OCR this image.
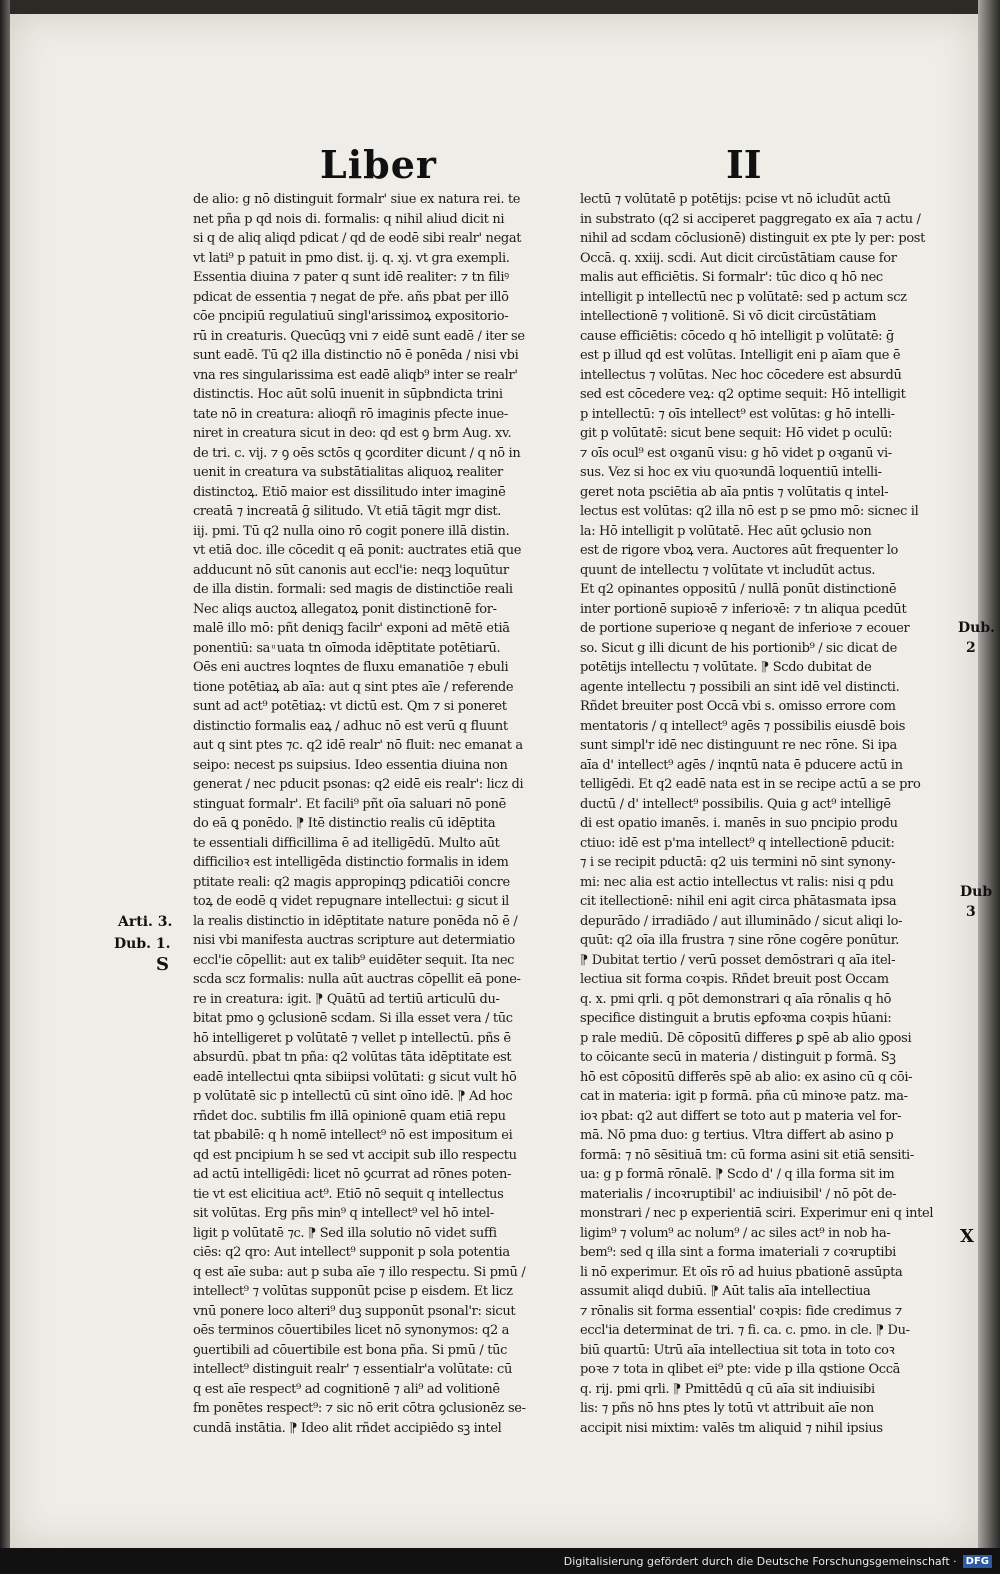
Liber	II
de alio: g nō distinguit formalr' siue ex natura rei. te
net pña p qd nois di. formalis: q nihil aliud dicit ni
si q de aliq aliqd pdicat / qd de eodē sibi realr' negat
vt lati⁹ p patuit in pmo dist. ij. q. xj. vt gra exempli.
Essentia diuina ⁊ pater q sunt idē realiter: ⁊ tn filiꝰ
pdicat de essentia ⁊ negat de pře. añs pbat per illō
cōe pncipiū regulatiuū singl'arissimoꝝ expositorio-
rū in creaturis. Quecūqꝫ vni ⁊ eidē sunt eadē / iter se
sunt eadē. Tū q2 illa distinctio nō ē ponēda / nisi vbi
vna res singularissima est eadē aliqb⁹ inter se realr'
distinctis. Hoc aūt solū inuenit in sūpbndicta trini
tate nō in creatura: alioqñ rō imaginis pfecte inue-
niret in creatura sicut in deo: qd est ꝯ brm Aug. xv.
de tri. c. vij. ⁊ ꝯ oēs sctōs q ꝯcorditer dicunt / q nō in
uenit in creatura va substātialitas aliquoꝝ realiter
distinctoꝝ. Etiō maior est dissilitudo inter imaginē
creatā ⁊ increatā ḡ silitudo. Vt etiā tāgit mgr dist.
iij. pmi. Tū q2 nulla oino rō cogit ponere illā distin.
vt etiā doc. ille cōcedit q eā ponit: auctrates etiā que
adducunt nō sūt canonis aut eccl'ie: neqꝫ loquūtur
de illa distin. formali: sed magis de distinctiōe reali
Nec aliqs auctoꝝ allegatoꝝ ponit distinctionē for-
malē illo mō: pñt deniqꝫ facilr' exponi ad mētē etiā
ponentiū: sa ͧ uata tn oīmoda idēptitate potētiarū.
Oēs eni auctres loqntes de fluxu emanatiōe ⁊ ebuli
tione potētiaꝝ ab aīa: aut q sint ptes aīe / referende
sunt ad act⁹ potētiaꝝ: vt dictū est. Qm ⁊ si poneret
distinctio formalis eaꝝ / adhuc nō est verū q fluunt
aut q sint ptes ⁊c. q2 idē realr' nō fluit: nec emanat a
seipo: necest ps suipsius. Ideo essentia diuina non
generat / nec pducit psonas: q2 eidē eis realr': licz di
stinguat formalr'. Et facili⁹ pñt oīa saluari nō ponē
do eā ꝗ ponēdo. ⁋ Itē distinctio realis cū idēptita
te essentiali difficillima ē ad itelligēdū. Multo aūt
difficilioꝛ est intelligēda distinctio formalis in idem
ptitate reali: q2 magis appropinqꝫ pdicatiōi concre
toꝝ de eodē q videt repugnare intellectui: g sicut il
la realis distinctio in idēptitate nature ponēda nō ē /
nisi vbi manifesta auctras scripture aut determiatio
eccl'ie cōpellit: aut ex talib⁹ euidēter sequit. Ita nec
scda scz formalis: nulla aūt auctras cōpellit eā pone-
re in creatura: igit. ⁋ Quātū ad tertiū articulū du-
bitat pmo ꝯ ꝯclusionē scdam. Si illa esset vera / tūc
hō intelligeret p volūtatē ⁊ vellet p intellectū. pñs ē
absurdū. pbat tn pña: q2 volūtas tāta idēptitate est
eadē intellectui qnta sibiipsi volūtati: g sicut vult hō
p volūtatē sic p intellectū cū sint oīno idē. ⁋ Ad hoc
rñdet doc. subtilis fm illā opinionē quam etiā repu
tat pbabilē: q h nomē intellect⁹ nō est impositum ei
qd est pncipium h se sed vt accipit sub illo respectu
ad actū intelligēdi: licet nō ꝯcurrat ad rōnes poten-
tie vt est elicitiua act⁹. Etiō nō sequit q intellectus
sit volūtas. Erg pñs min⁹ q intellect⁹ vel hō intel-
ligit p volūtatē ⁊c. ⁋ Sed illa solutio nō videt suffi
ciēs: q2 qro: Aut intellect⁹ supponit p sola potentia
q est aīe suba: aut p suba aīe ⁊ illo respectu. Si pmū /
intellect⁹ ⁊ volūtas supponūt pcise p eisdem. Et licz
vnū ponere loco alteri⁹ duꝫ supponūt psonal'r: sicut
oēs terminos cōuertibiles licet nō synonymos: q2 a
ꝯuertibili ad cōuertibile est bona pña. Si pmū / tūc
intellect⁹ distinguit realr' ⁊ essentialr'a volūtate: cū
q est aīe respect⁹ ad cognitionē ⁊ ali⁹ ad volitionē
fm ponētes respect⁹: ⁊ sic nō erit cōtra ꝯclusionēz se-
cundā instātia. ⁋ Ideo alit rñdet accipiēdo sꝫ intel
lectū ⁊ volūtatē p potētijs: pcise vt nō icludūt actū
in substrato (q2 si acciperet paggregato ex aīa ⁊ actu /
nihil ad scdam cōclusionē) distinguit ex pte ly per: post
Occā. q. xxiij. scdi. Aut dicit circūstātiam cause for
malis aut efficiētis. Si formalr': tūc dico q hō nec
intelligit p intellectū nec p volūtatē: sed p actum scz
intellectionē ⁊ volitionē. Si vō dicit circūstātiam
cause efficiētis: cōcedo q hō intelligit p volūtatē: ḡ
est p illud qd est volūtas. Intelligit eni p aīam que ē
intellectus ⁊ volūtas. Nec hoc cōcedere est absurdū
sed est cōcedere veꝝ: q2 optime sequit: Hō intelligit
p intellectū: ⁊ oīs intellect⁹ est volūtas: g hō intelli-
git p volūtatē: sicut bene sequit: Hō videt p oculū:
⁊ oīs ocul⁹ est oꝛganū visu: g hō videt p oꝛganū vi-
sus. Vez si hoc ex viu quoꝛundā loquentiū intelli-
geret nota psciētia ab aīa pntis ⁊ volūtatis q intel-
lectus est volūtas: q2 illa nō est p se pmo mō: sicnec il
la: Hō intelligit p volūtatē. Hec aūt ꝯclusio non
est de rigore vboꝝ vera. Auctores aūt frequenter lo
quunt de intellectu ⁊ volūtate vt includūt actus.
Et q2 opinantes oppositū / nullā ponūt distinctionē
inter portionē supioꝛē ⁊ inferioꝛē: ⁊ tn aliqua pcedūt
de portione superioꝛe q negant de inferioꝛe ⁊ ecouer
so. Sicut g illi dicunt de his portionib⁹ / sic dicat de
potētijs intellectu ⁊ volūtate. ⁋ Scdo dubitat de
agente intellectu ⁊ possibili an sint idē vel distincti.
Rñdet breuiter post Occā vbi s. omisso errore com
mentatoris / q intellect⁹ agēs ⁊ possibilis eiusdē bois
sunt simpl'r idē nec distinguunt re nec rōne. Si ipa
aīa d' intellect⁹ agēs / inqntū nata ē pducere actū in
telligēdi. Et q2 eadē nata est in se recipe actū a se pro
ductū / d' intellect⁹ possibilis. Quia g act⁹ intelligē
di est opatio imanēs. i. manēs in suo pncipio produ
ctiuo: idē est p'ma intellect⁹ q intellectionē pducit:
⁊ i se recipit pductā: q2 uis termini nō sint synony-
mi: nec alia est actio intellectus vt ralis: nisi q pdu
cit itellectionē: nihil eni agit circa phātasmata ipsa
depurādo / irradiādo / aut illuminādo / sicut aliqi lo-
quūt: q2 oīa illa frustra ⁊ sine rōne cogēre ponūtur.
⁋ Dubitat tertio / verū posset demōstrari q aīa itel-
lectiua sit forma coꝛpis. Rñdet breuit post Occam
q. x. pmi qrli. q pōt demonstrari q aīa rōnalis q hō
specifice distinguit a brutis eꝑfoꝛma coꝛpis hūani:
p rale mediū. Dē cōpositū differes ꝑ spē ab alio ꝯposi
to cōicante secū in materia / distinguit p formā. Sꝫ
hō est cōpositū differēs spē ab alio: ex asino cū q cōi-
cat in materia: igit p formā. pña cū minoꝛe patz. ma-
ioꝛ pbat: q2 aut differt se toto aut p materia vel for-
mā. Nō pma duo: g tertius. Vltra differt ab asino p
formā: ⁊ nō sēsitiuā tm: cū forma asini sit etiā sensiti-
ua: g p formā rōnalē. ⁋ Scdo d' / q illa forma sit im
materialis / incoꝛruptibil' ac indiuisibil' / nō pōt de-
monstrari / nec p experientiā sciri. Experimur eni q intel
ligim⁹ ⁊ volum⁹ ac nolum⁹ / ac siles act⁹ in nob ha-
bem⁹: sed q illa sint a forma imateriali ⁊ coꝛruptibi
li nō experimur. Et oīs rō ad huius pbationē assūpta
assumit aliqd dubiū. ⁋ Aūt talis aīa intellectiua
⁊ rōnalis sit forma essential' coꝛpis: fide credimus ⁊
eccl'ia determinat de tri. ⁊ fi. ca. c. pmo. in cle. ⁋ Du-
biū quartū: Utrū aīa intellectiua sit tota in toto coꝛ
poꝛe ⁊ tota in qlibet ei⁹ pte: vide p illa qstione Occā
q. rij. pmi qrli. ⁋ Pmittēdū q cū aīa sit indiuisibi
lis: ⁊ pñs nō hns ptes ly totū vt attribuit aīe non
accipit nisi mixtim: valēs tm aliquid ⁊ nihil ipsius
Arti. 3.
Dub. 1.
S
Dub.
2
Dub
3
X
Digitalisierung gefördert durch die Deutsche Forschungsgemeinschaft · DFG
